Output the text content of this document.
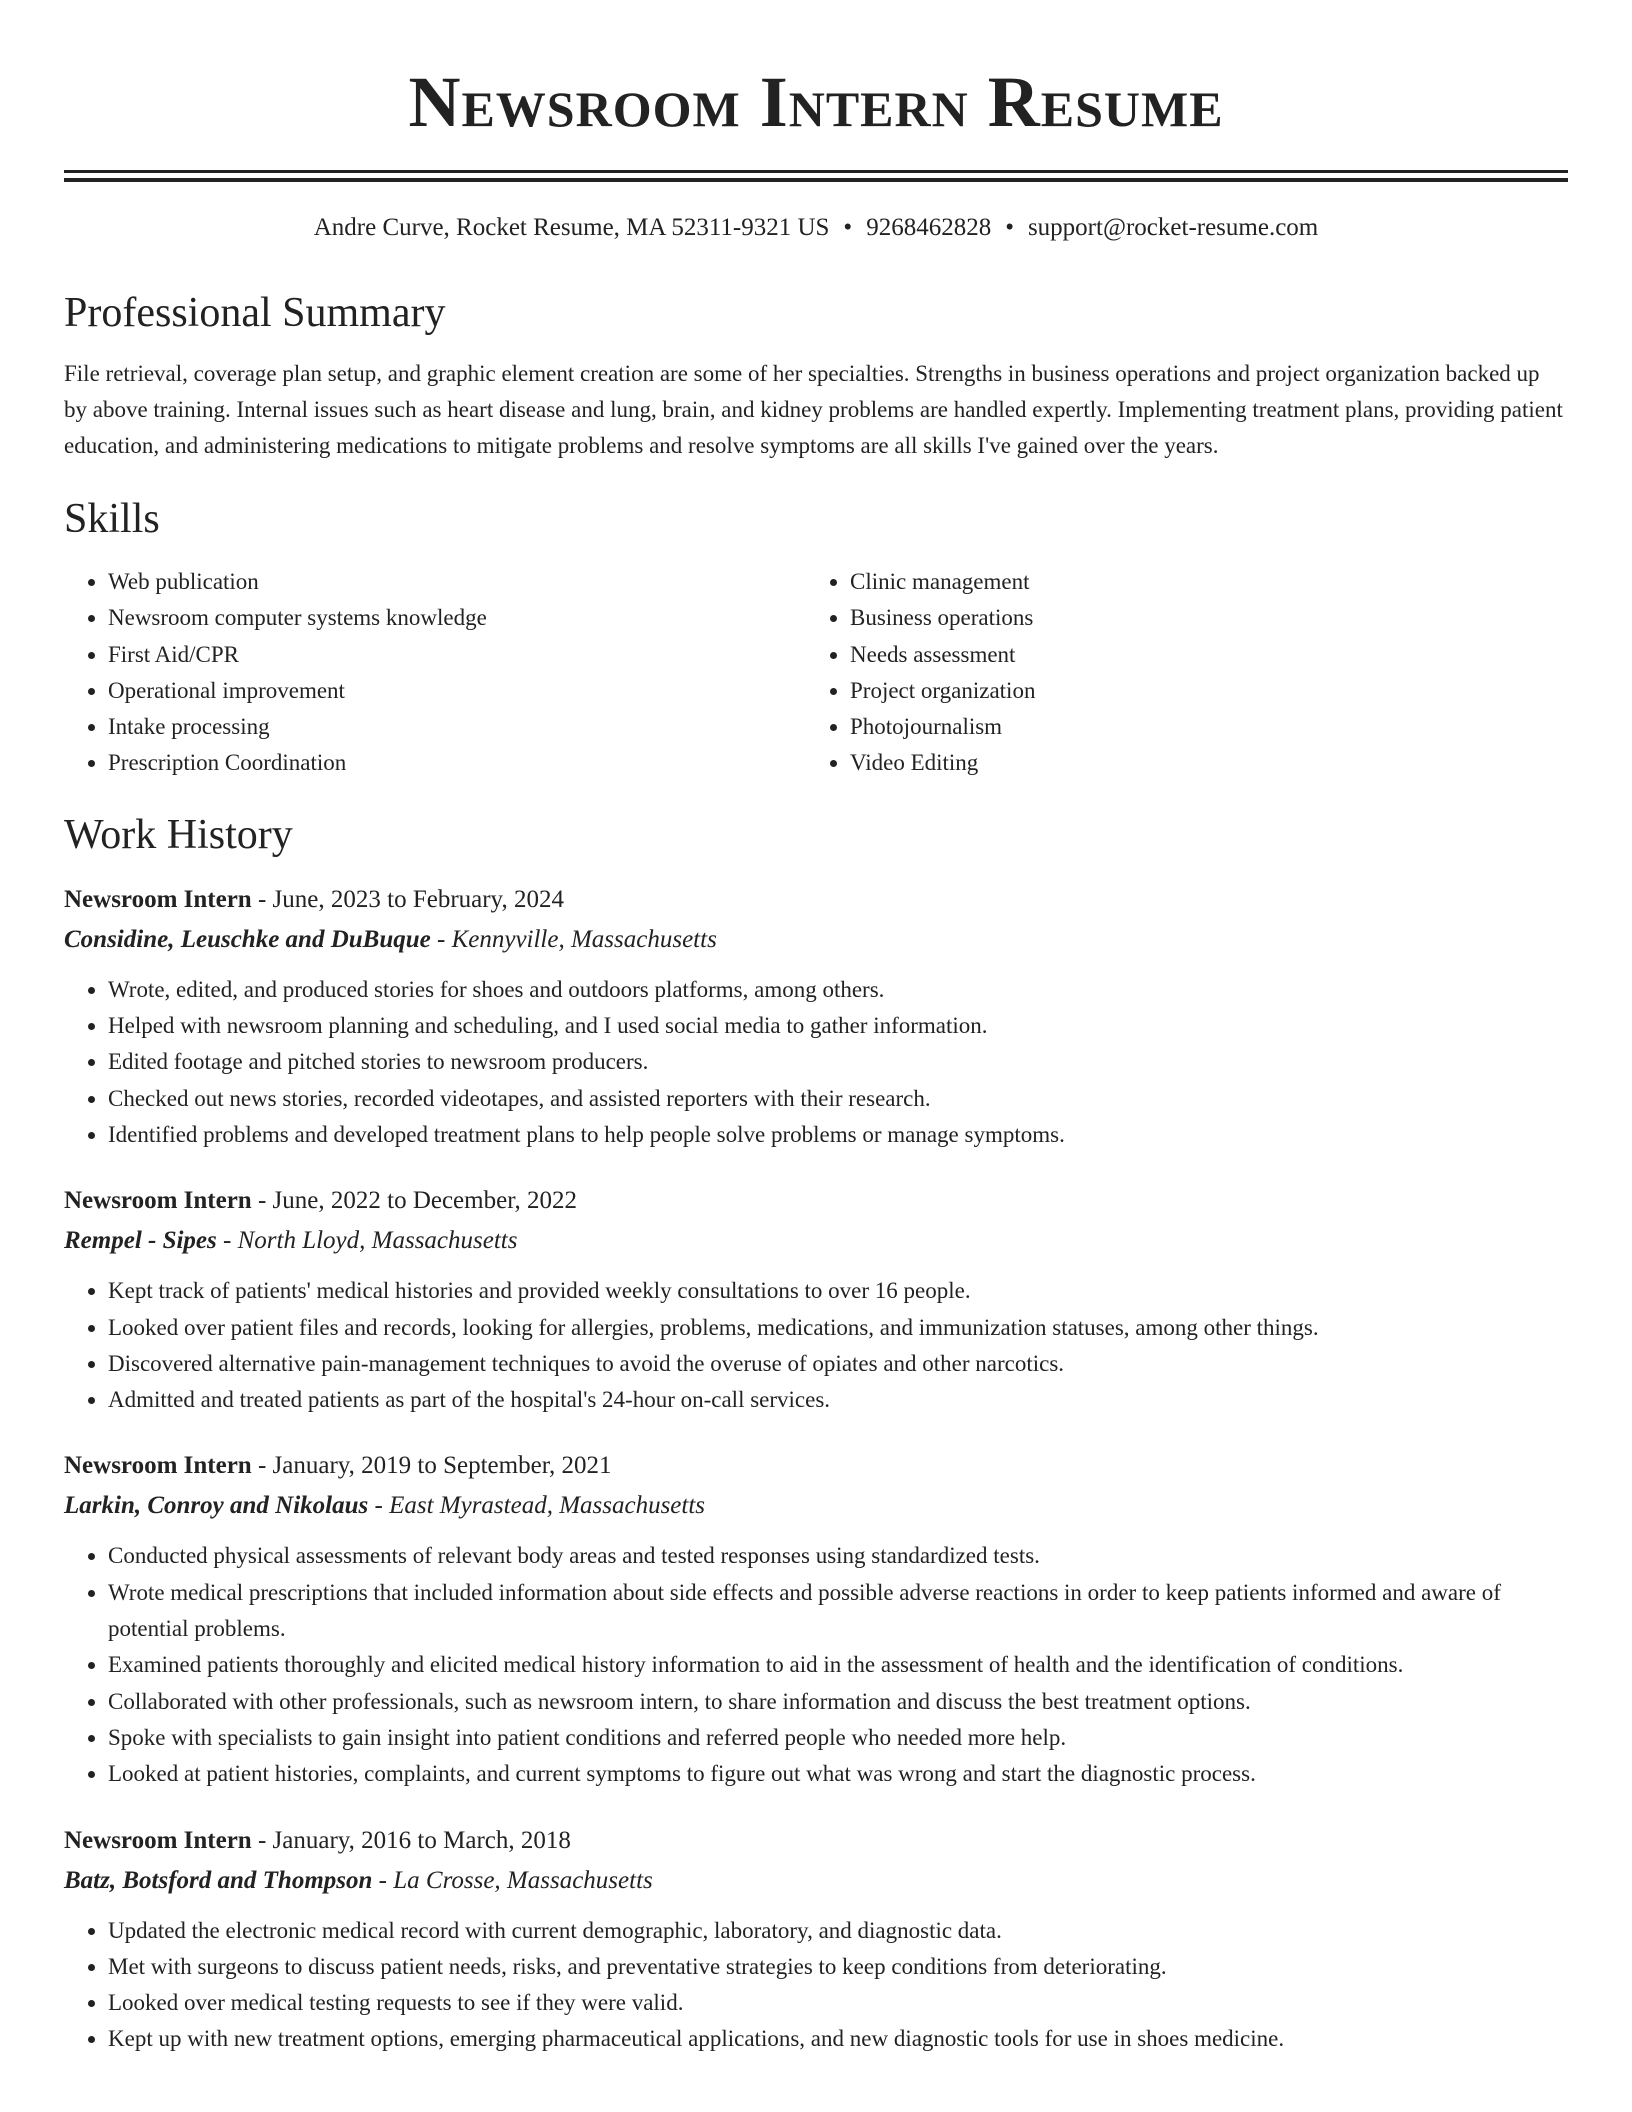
Newsroom Intern Resume
Andre Curve, Rocket Resume, MA 52311-9321 US • 9268462828 • support@rocket-resume.com
Professional Summary

File retrieval, coverage plan setup, and graphic element creation are some of her specialties. Strengths in business operations and project organization backed up by above training. Internal issues such as heart disease and lung, brain, and kidney problems are handled expertly. Implementing treatment plans, providing patient education, and administering medications to mitigate problems and resolve symptoms are all skills I've gained over the years.

Skills
• Web publication
• Newsroom computer systems knowledge
• First Aid/CPR
• Operational improvement
• Intake processing
• Prescription Coordination
• Clinic management
• Business operations
• Needs assessment
• Project organization
• Photojournalism
• Video Editing
Work History
Newsroom Intern - June, 2023 to February, 2024
Considine, Leuschke and DuBuque - Kennyville, Massachusetts
• Wrote, edited, and produced stories for shoes and outdoors platforms, among others.
• Helped with newsroom planning and scheduling, and I used social media to gather information.
• Edited footage and pitched stories to newsroom producers.
• Checked out news stories, recorded videotapes, and assisted reporters with their research.
• Identified problems and developed treatment plans to help people solve problems or manage symptoms.
Newsroom Intern - June, 2022 to December, 2022
Rempel - Sipes - North Lloyd, Massachusetts
• Kept track of patients' medical histories and provided weekly consultations to over 16 people.
• Looked over patient files and records, looking for allergies, problems, medications, and immunization statuses, among other things.
• Discovered alternative pain-management techniques to avoid the overuse of opiates and other narcotics.
• Admitted and treated patients as part of the hospital's 24-hour on-call services.
Newsroom Intern - January, 2019 to September, 2021
Larkin, Conroy and Nikolaus - East Myrastead, Massachusetts
• Conducted physical assessments of relevant body areas and tested responses using standardized tests.
• Wrote medical prescriptions that included information about side effects and possible adverse reactions in order to keep patients informed and aware of potential problems.
• Examined patients thoroughly and elicited medical history information to aid in the assessment of health and the identification of conditions.
• Collaborated with other professionals, such as newsroom intern, to share information and discuss the best treatment options.
• Spoke with specialists to gain insight into patient conditions and referred people who needed more help.
• Looked at patient histories, complaints, and current symptoms to figure out what was wrong and start the diagnostic process.
Newsroom Intern - January, 2016 to March, 2018
Batz, Botsford and Thompson - La Crosse, Massachusetts
• Updated the electronic medical record with current demographic, laboratory, and diagnostic data.
• Met with surgeons to discuss patient needs, risks, and preventative strategies to keep conditions from deteriorating.
• Looked over medical testing requests to see if they were valid.
• Kept up with new treatment options, emerging pharmaceutical applications, and new diagnostic tools for use in shoes medicine.
